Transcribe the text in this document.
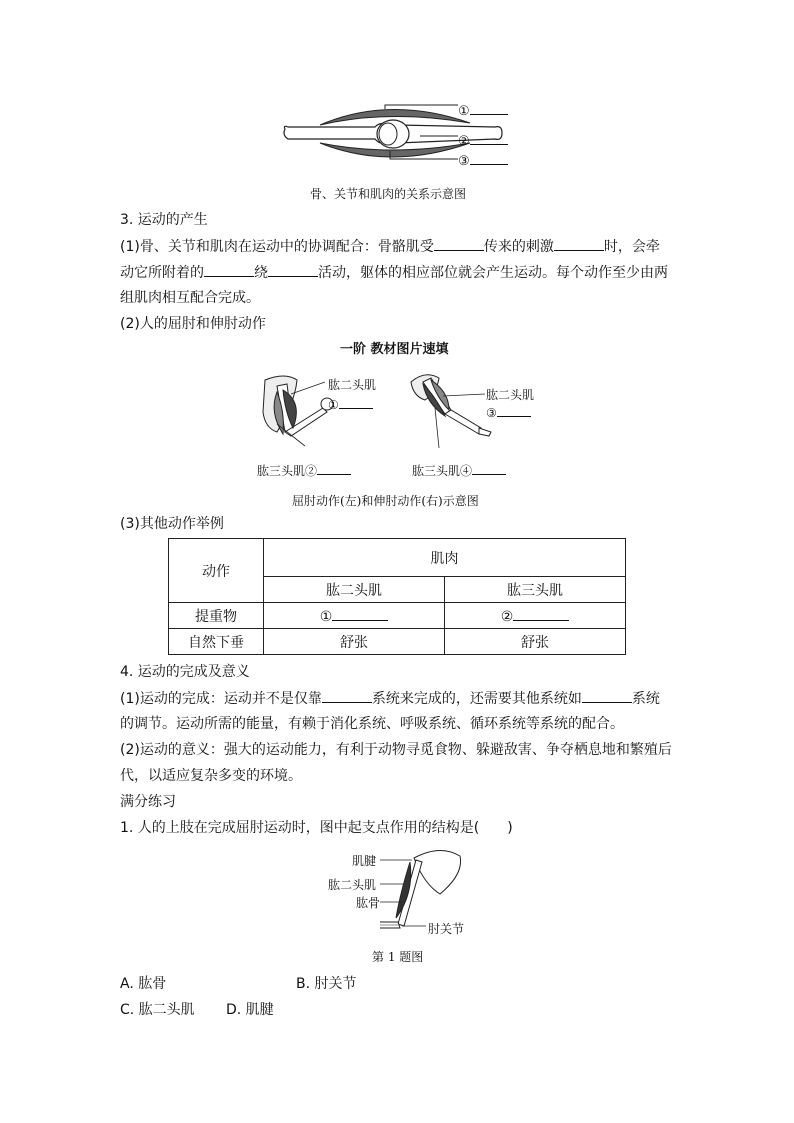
①
②
③
骨、关节和肌肉的关系示意图
3. 运动的产生
(1)骨、关节和肌肉在运动中的协调配合：骨骼肌受	传来的刺激	时，会牵
动它所附着的	绕	活动，躯体的相应部位就会产生运动。每个动作至少由两
组肌肉相互配合完成。
(2)人的屈肘和伸肘动作
一阶 教材图片速填
肱二头肌
①
肱三头肌②
肱二头肌
③
肱三头肌④
屈肘动作(左)和伸肘动作(右)示意图
(3)其他动作举例
动作	肌肉	
	肱二头肌	肱三头肌
提重物	①	②
自然下垂	舒张	舒张
4. 运动的完成及意义
(1)运动的完成：运动并不是仅靠	系统来完成的，还需要其他系统如	系统
的调节。运动所需的能量，有赖于消化系统、呼吸系统、循环系统等系统的配合。
(2)运动的意义：强大的运动能力，有利于动物寻觅食物、躲避敌害、争夺栖息地和繁殖后
代，以适应复杂多变的环境。
满分练习
1. 人的上肢在完成屈肘运动时，图中起支点作用的结构是(　　)
肌腱
肱二头肌
肱骨
肘关节
第 1 题图
A. 肱骨	B. 肘关节
C. 肱二头肌 D. 肌腱
